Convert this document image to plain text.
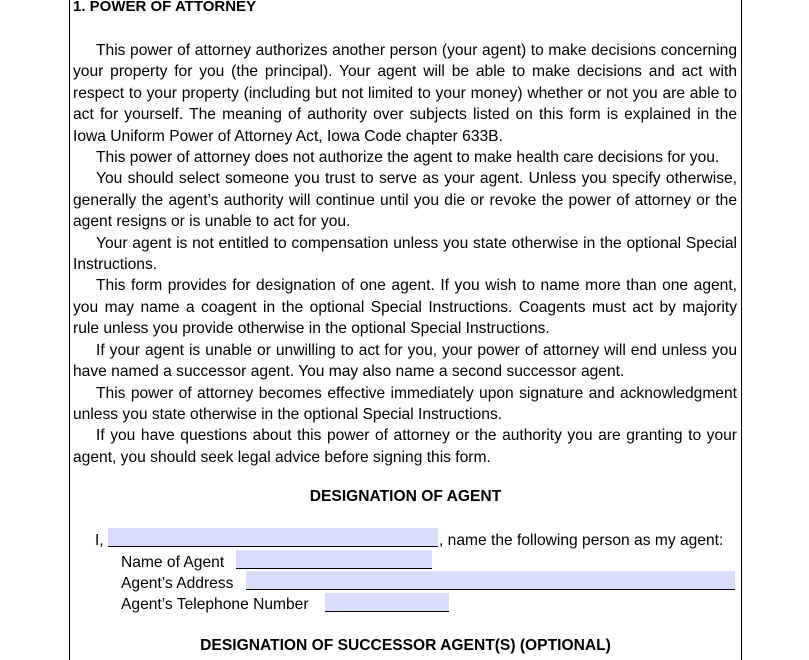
1. POWER OF ATTORNEY

This power of attorney authorizes another person (your agent) to make decisions concerning your property for you (the principal). Your agent will be able to make decisions and act with respect to your property (including but not limited to your money) whether or not you are able to act for yourself. The meaning of authority over subjects listed on this form is explained in the Iowa Uniform Power of Attorney Act, Iowa Code chapter 633B.

This power of attorney does not authorize the agent to make health care decisions for you.

You should select someone you trust to serve as your agent. Unless you specify otherwise, generally the agent’s authority will continue until you die or revoke the power of attorney or the agent resigns or is unable to act for you.

Your agent is not entitled to compensation unless you state otherwise in the optional Special Instructions.

This form provides for designation of one agent. If you wish to name more than one agent, you may name a coagent in the optional Special Instructions. Coagents must act by majority rule unless you provide otherwise in the optional Special Instructions.

If your agent is unable or unwilling to act for you, your power of attorney will end unless you have named a successor agent. You may also name a second successor agent.

This power of attorney becomes effective immediately upon signature and acknowledgment unless you state otherwise in the optional Special Instructions.

If you have questions about this power of attorney or the authority you are granting to your agent, you should seek legal advice before signing this form.

DESIGNATION OF AGENT
I,	, name the following person as my agent:
Name of Agent
Agent’s Address
Agent’s Telephone Number
DESIGNATION OF SUCCESSOR AGENT(S) (OPTIONAL)
